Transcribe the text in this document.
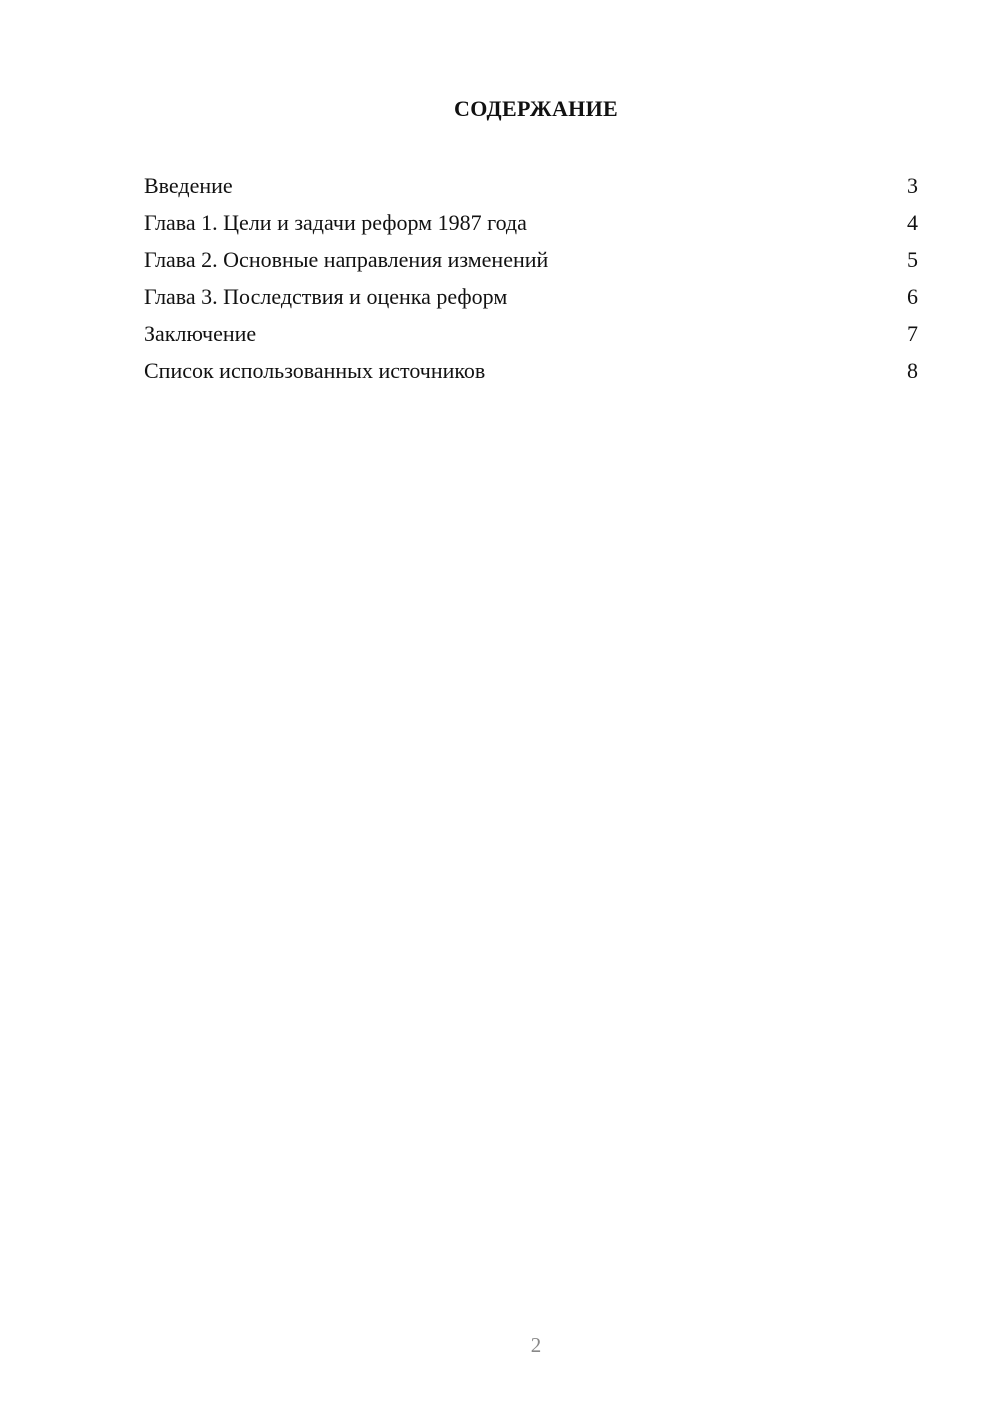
СОДЕРЖАНИЕ
Введение	3
Глава 1. Цели и задачи реформ 1987 года	4
Глава 2. Основные направления изменений	5
Глава 3. Последствия и оценка реформ	6
Заключение	7
Список использованных источников	8
2
